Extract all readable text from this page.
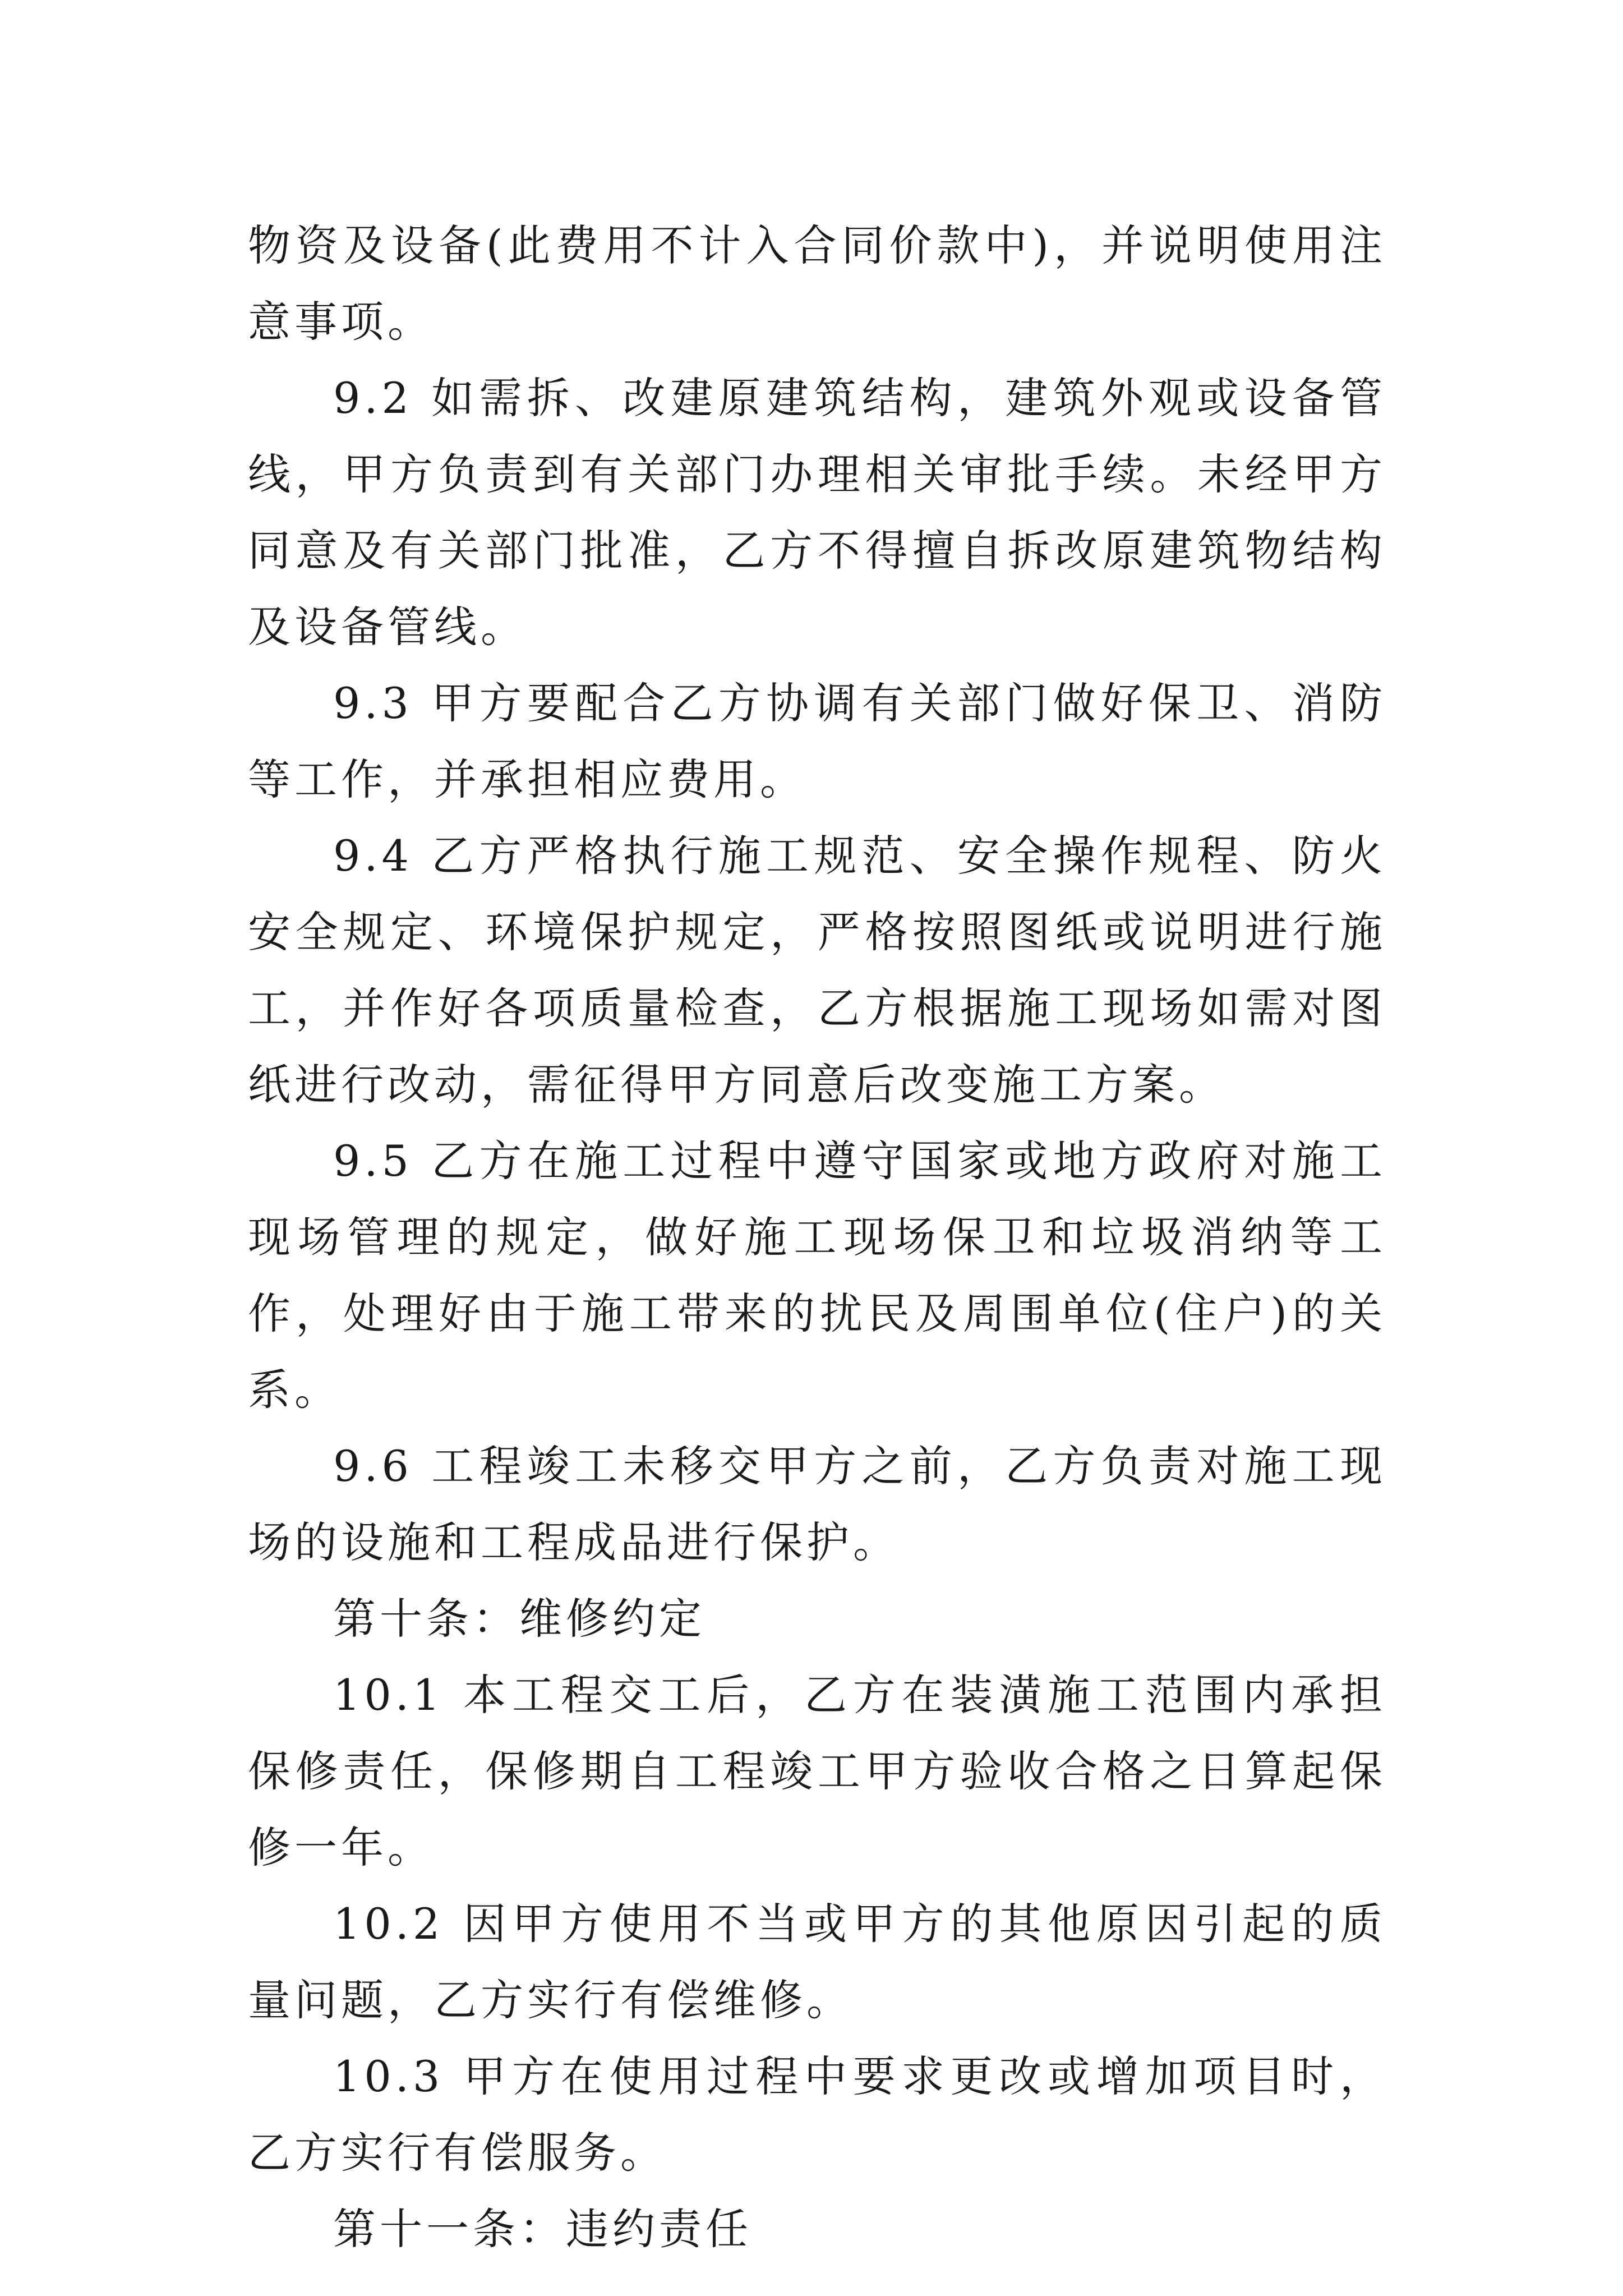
物资及设备(此费用不计入合同价款中)，并说明使用注意事项。

9.2 如需拆、改建原建筑结构，建筑外观或设备管线，甲方负责到有关部门办理相关审批手续。未经甲方同意及有关部门批准，乙方不得擅自拆改原建筑物结构及设备管线。

9.3 甲方要配合乙方协调有关部门做好保卫、消防等工作，并承担相应费用。

9.4 乙方严格执行施工规范、安全操作规程、防火安全规定、环境保护规定，严格按照图纸或说明进行施工，并作好各项质量检查，乙方根据施工现场如需对图纸进行改动，需征得甲方同意后改变施工方案。

9.5 乙方在施工过程中遵守国家或地方政府对施工现场管理的规定，做好施工现场保卫和垃圾消纳等工作，处理好由于施工带来的扰民及周围单位(住户)的关系。

9.6 工程竣工未移交甲方之前，乙方负责对施工现场的设施和工程成品进行保护。

第十条：维修约定

10.1 本工程交工后，乙方在装潢施工范围内承担保修责任，保修期自工程竣工甲方验收合格之日算起保修一年。

10.2 因甲方使用不当或甲方的其他原因引起的质量问题，乙方实行有偿维修。

10.3 甲方在使用过程中要求更改或增加项目时，乙方实行有偿服务。

第十一条：违约责任
